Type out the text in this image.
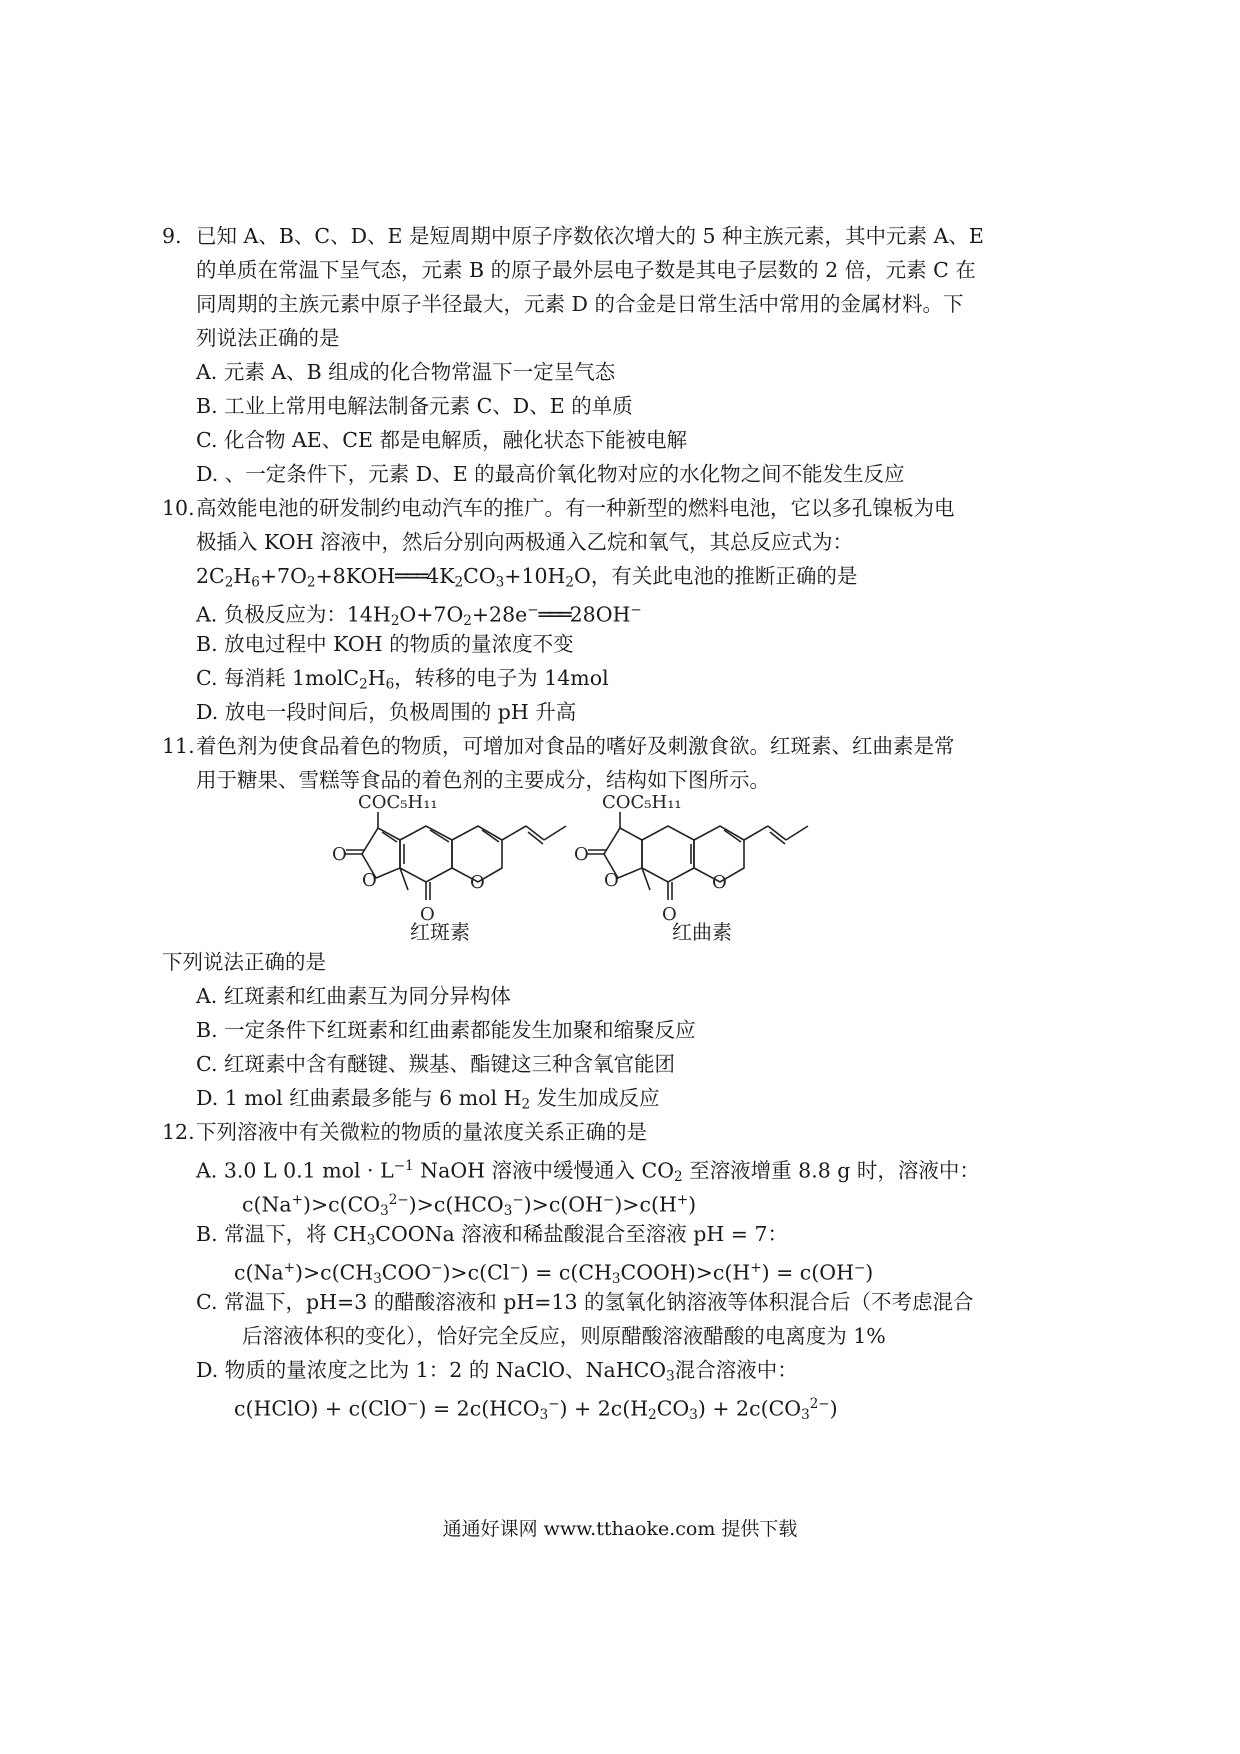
9. 已知 A、B、C、D、E 是短周期中原子序数依次增大的 5 种主族元素，其中元素 A、E
的单质在常温下呈气态，元素 B 的原子最外层电子数是其电子层数的 2 倍，元素 C 在
同周期的主族元素中原子半径最大，元素 D 的合金是日常生活中常用的金属材料。下
列说法正确的是
A. 元素 A、B 组成的化合物常温下一定呈气态
B. 工业上常用电解法制备元素 C、D、E 的单质
C. 化合物 AE、CE 都是电解质，融化状态下能被电解
D. 、一定条件下，元素 D、E 的最高价氧化物对应的水化物之间不能发生反应
10. 高效能电池的研发制约电动汽车的推广。有一种新型的燃料电池，它以多孔镍板为电
极插入 KOH 溶液中，然后分别向两极通入乙烷和氧气，其总反应式为：
$2C_2H_6+7O_2+8KOH═══4K_2CO_3+10H_2O$，有关此电池的推断正确的是
A. 负极反应为：$14H_2O+7O_2+28e^-═══28OH^-$
B. 放电过程中 KOH 的物质的量浓度不变
C. 每消耗 $1molC_2H_6$，转移的电子为 14mol
D. 放电一段时间后，负极周围的 pH 升高
11. 着色剂为使食品着色的物质，可增加对食品的嗜好及刺激食欲。红斑素、红曲素是常
用于糖果、雪糕等食品的着色剂的主要成分，结构如下图所示。
O
O	O
O
COC₅H₁₁
红斑素
O
O	O
O
COC₅H₁₁
红曲素
下列说法正确的是
A. 红斑素和红曲素互为同分异构体
B. 一定条件下红斑素和红曲素都能发生加聚和缩聚反应
C. 红斑素中含有醚键、羰基、酯键这三种含氧官能团
D. 1 mol 红曲素最多能与 6 mol $H_2$ 发生加成反应
12. 下列溶液中有关微粒的物质的量浓度关系正确的是
A. 3.0 L 0.1 mol · $L^{-1}$ NaOH 溶液中缓慢通入 $CO_2$ 至溶液增重 8.8 g 时，溶液中：
$c(Na^+)>c(CO_3^{2-})>c(HCO_3^-)>c(OH^-)>c(H^+)$
B. 常温下，将 $CH_3COONa$ 溶液和稀盐酸混合至溶液 pH = 7：
$c(Na^+)>c(CH_3COO^-)>c(Cl^-)$ = $c(CH_3COOH)>c(H^+) = c(OH^-)$
C. 常温下，pH=3 的醋酸溶液和 pH=13 的氢氧化钠溶液等体积混合后（不考虑混合
后溶液体积的变化），恰好完全反应，则原醋酸溶液醋酸的电离度为 1%
D. 物质的量浓度之比为 1：2 的 NaClO、NaHCO$_3$混合溶液中：
c(HClO) + $c(ClO^-) = 2c(HCO_3^-) + 2c(H_2CO_3) + 2c(CO_3^{2-})$
通通好课网 www.tthaoke.com 提供下载
